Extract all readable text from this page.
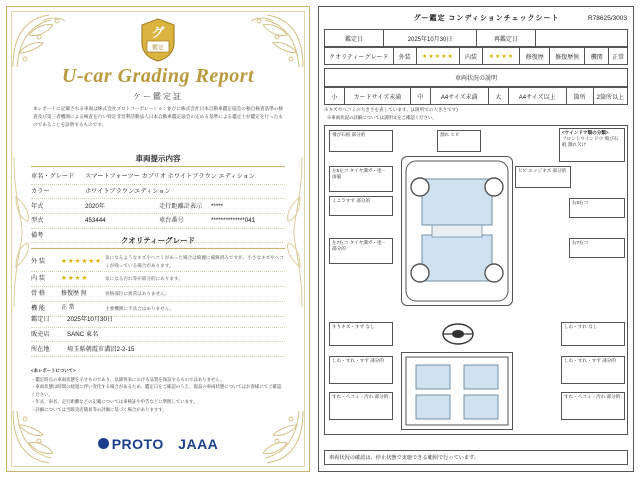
グ
鑑定
U-car Grading Report
ケー鑑定証
本レポートに記載される車両は株式会社プロトコーポレーション並びに株式会社日本自動車鑑定協会の独自検査基準の検査及び第三者機関による検査を行い特定非営利活動法人日本自動車鑑定協会の定める基準による鑑定士が鑑定を行ったものであることを証明するものです。
車両提示内容
車名・グレード	スマートフォーツー カブリオ ホワイトブラウン エディション
カラー	ホワイトブラウンエディション
年式	2020年	走行距離計表示	*****
型式	453444	車台番号	**************041
備考
クオリティーグレード
外 装	★★★★★★ 気になるようなキズやへコミがあった場合は綺麗に補修済みですが、小さなキズやヘコミが残っている場合があります。
内 装	★★★★	気になる汚れ等が部分的にあります。
骨 格	修復歴 無	骨格部位に異常はありません。
機 能	正 常	主要機関に不具合はありません。
鑑定日	2025年10月30日
販売店	SANC 東名
所在地	埼玉県朝霞市溝沼2-2-15
<本レポートについて>
・鑑定時点の車両状態を示すものであり、以降将来における品質を保証するものではありません。
・車両状態は時間の経過に伴い変化する場合があるため、鑑定日をご確認のうえ、現品の車両状態についてはお客様にてご確認ください。
・年式、車名、走行距離などの記載については車検証や申告などに準拠しています。
・詳細については当販売店簡易等の評価に基づく場合がありますす。
PROTO JAAA
グー鑑定 コンディションチェックシート	R78625/3003
鑑定日	2025年10月30日	再鑑定日	
クオリティーグレード	外装	★★★★★	内装	★★★★	修復歴	修復歴無	機関	正常
車両状況の説明
小	カードサイズ未満	中	A4サイズ未満	大	A4サイズ以上	箇所	2箇所以上
※キズやヘコミの大きさを表しています。(1箇所での大きさです)
※車両状況の詳細については説明文をご確認ください。
<ウインドウ類の分類>
フロントウインドウ 飛び石痕 割れ欠け
飛び石痕 部分的	割れ ヒビ
ヒビ エッジキズ 部分的
左5左コ タイヤ溝ガ・塗・雨風
ミニラすず 部分的
左7右コ タイヤ溝ガ・塗・部分的
右5右コ
右7右コ
すりキズ・すず なし	しわ・すれ なし
しわ・すれ・すず 部分的	しわ・すれ・すず 部分的
すれ・ヘコミ・汚れ 部分的	すれ・ヘコミ・汚れ 部分的
車両状況の確認は、停止状態で実施できる範囲で行っています。
